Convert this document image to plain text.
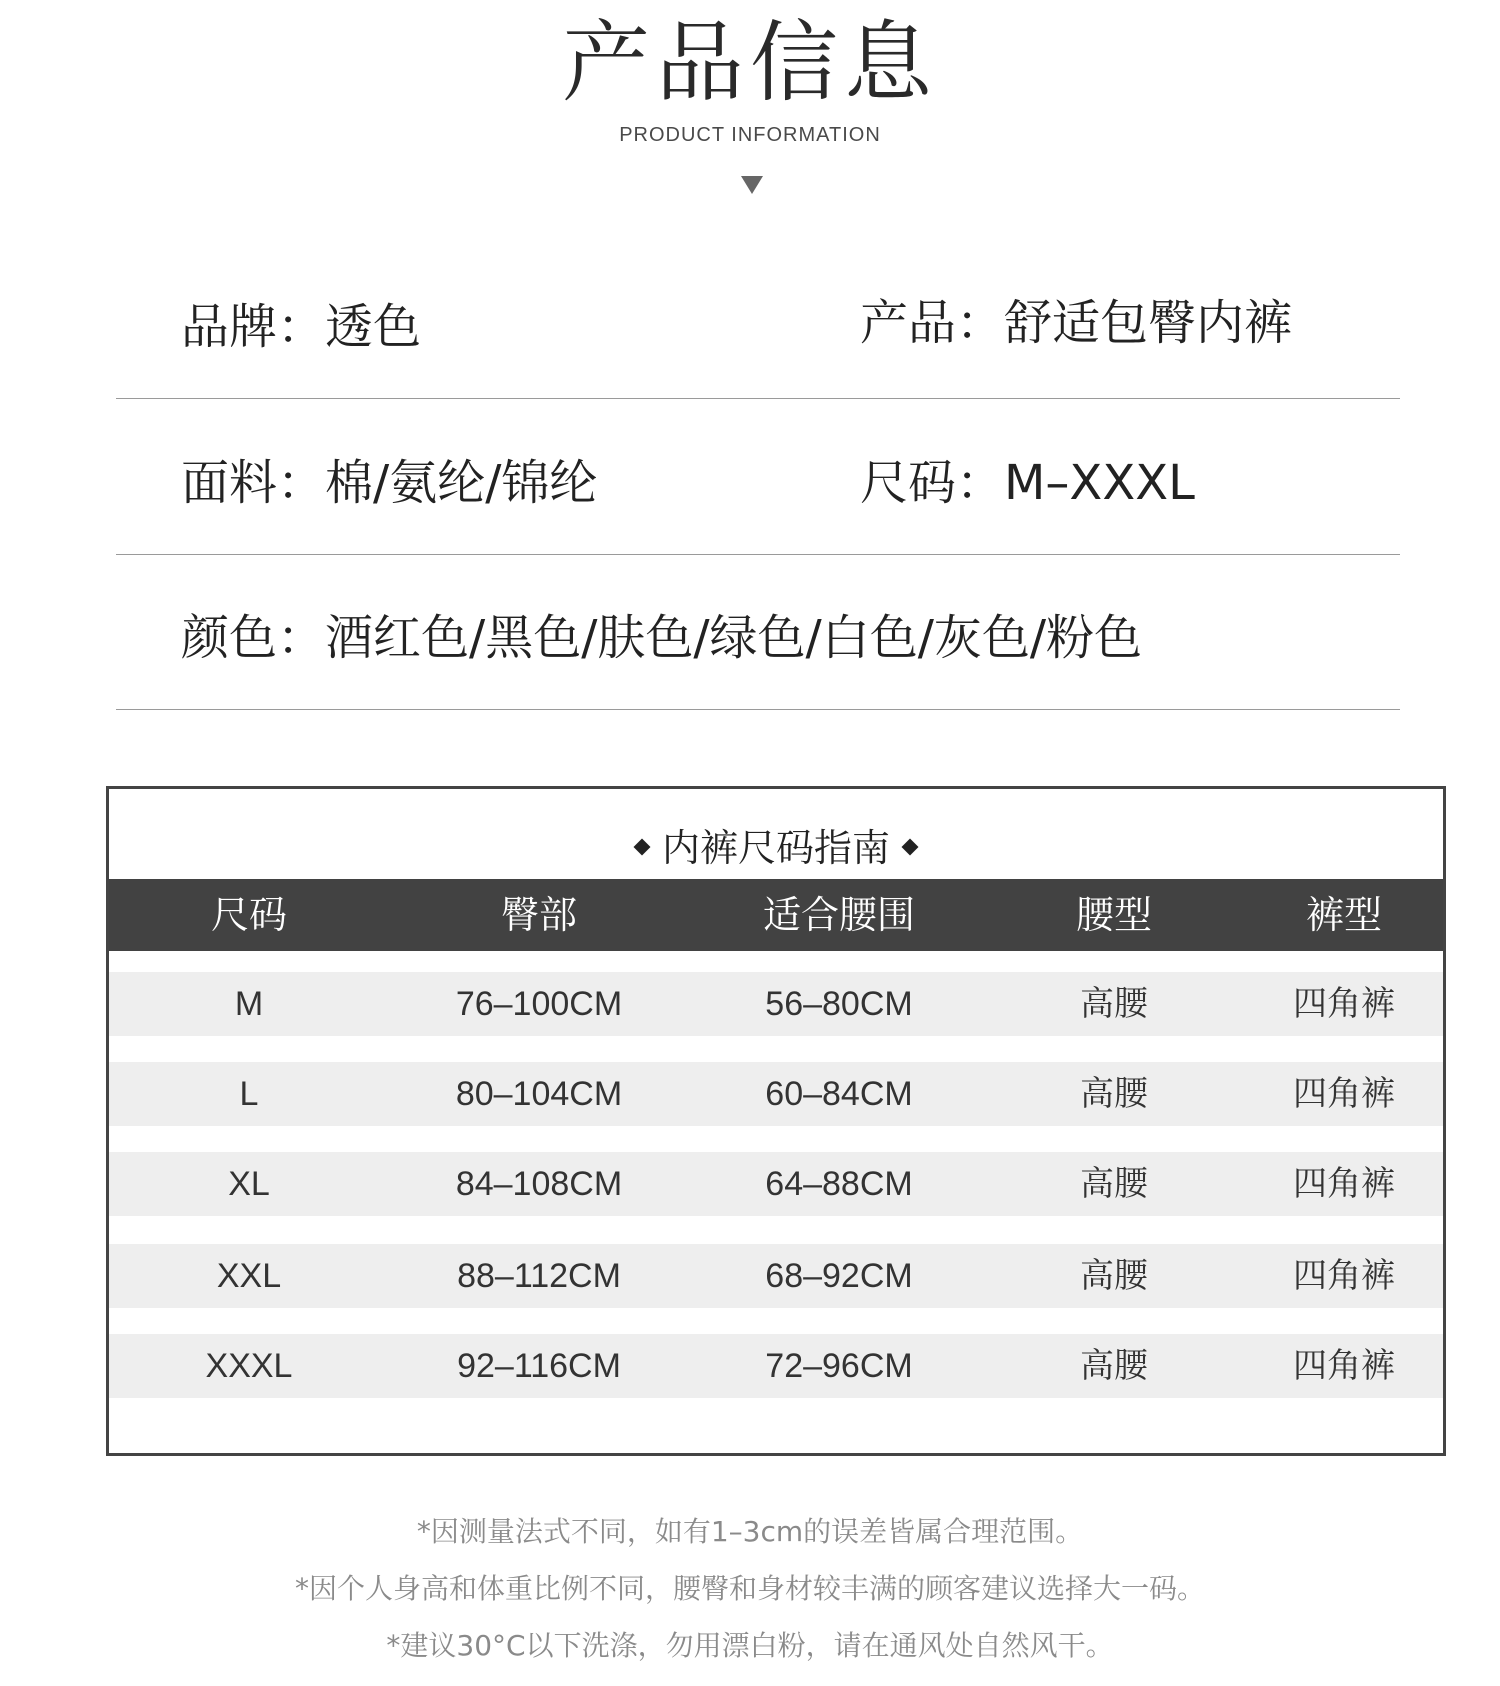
产品信息
PRODUCT INFORMATION
品牌：透色	产品：舒适包臀内裤
面料：棉/氨纶/锦纶	尺码：M–XXXL
颜色：酒红色/黑色/肤色/绿色/白色/灰色/粉色
内裤尺码指南
尺码	臀部	适合腰围	腰型	裤型
M	76–100CM	56–80CM	高腰	四角裤
L	80–104CM	60–84CM	高腰	四角裤
XL	84–108CM	64–88CM	高腰	四角裤
XXL	88–112CM	68–92CM	高腰	四角裤
XXXL	92–116CM	72–96CM	高腰	四角裤
*因测量法式不同，如有1–3cm的误差皆属合理范围。
*因个人身高和体重比例不同，腰臀和身材较丰满的顾客建议选择大一码。
*建议30°C以下洗涤，勿用漂白粉，请在通风处自然风干。
